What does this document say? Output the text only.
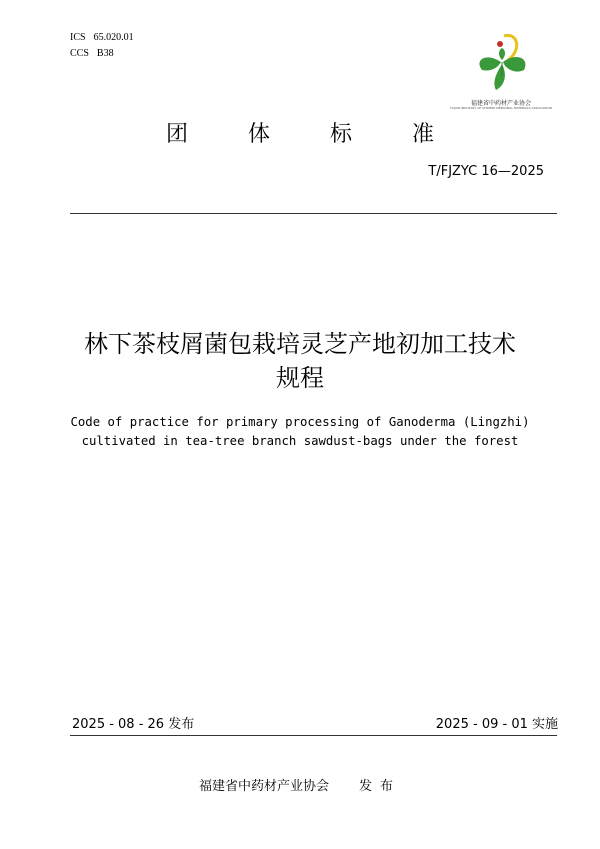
ICS 65.020.01
CCS B38
福建省中药材产业协会
FUJIAN INDUSTRY OF CHINESE MEDICINAL MATERIALS ASSOCIATION
团	体	标	准
T/FJZYC 16—2025
林下茶枝屑菌包栽培灵芝产地初加工技术
规程
Code of practice for primary processing of Ganoderma (Lingzhi)
cultivated in tea-tree branch sawdust-bags under the forest
2025 - 08 - 26 发布	2025 - 09 - 01 实施
福建省中药材产业协会 发布
